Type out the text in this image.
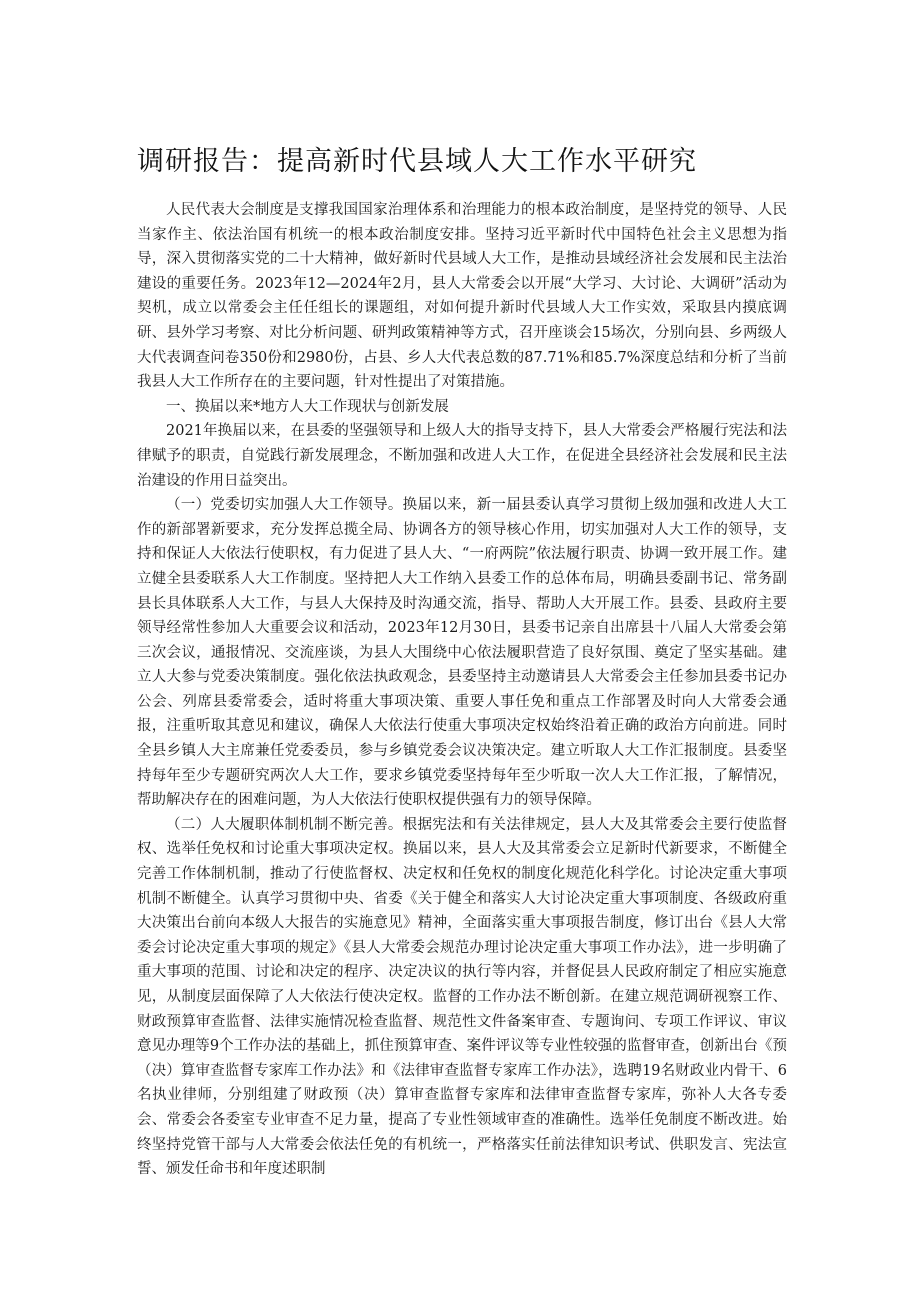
调研报告：提高新时代县域人大工作水平研究

人民代表大会制度是支撑我国国家治理体系和治理能力的根本政治制度，是坚持党的领导、人民当家作主、依法治国有机统一的根本政治制度安排。坚持习近平新时代中国特色社会主义思想为指导，深入贯彻落实党的二十大精神，做好新时代县域人大工作，是推动县域经济社会发展和民主法治建设的重要任务。2023年12—2024年2月，县人大常委会以开展“大学习、大讨论、大调研”活动为契机，成立以常委会主任任组长的课题组，对如何提升新时代县域人大工作实效，采取县内摸底调研、县外学习考察、对比分析问题、研判政策精神等方式，召开座谈会15场次，分别向县、乡两级人大代表调查问卷350份和2980份，占县、乡人大代表总数的87.71%和85.7%深度总结和分析了当前我县人大工作所存在的主要问题，针对性提出了对策措施。

一、换届以来*地方人大工作现状与创新发展

2021年换届以来，在县委的坚强领导和上级人大的指导支持下，县人大常委会严格履行宪法和法律赋予的职责，自觉践行新发展理念，不断加强和改进人大工作，在促进全县经济社会发展和民主法治建设的作用日益突出。

（一）党委切实加强人大工作领导。换届以来，新一届县委认真学习贯彻上级加强和改进人大工作的新部署新要求，充分发挥总揽全局、协调各方的领导核心作用，切实加强对人大工作的领导，支持和保证人大依法行使职权，有力促进了县人大、“一府两院”依法履行职责、协调一致开展工作。建立健全县委联系人大工作制度。坚持把人大工作纳入县委工作的总体布局，明确县委副书记、常务副县长具体联系人大工作，与县人大保持及时沟通交流，指导、帮助人大开展工作。县委、县政府主要领导经常性参加人大重要会议和活动，2023年12月30日，县委书记亲自出席县十八届人大常委会第三次会议，通报情况、交流座谈，为县人大围绕中心依法履职营造了良好氛围、奠定了坚实基础。建立人大参与党委决策制度。强化依法执政观念，县委坚持主动邀请县人大常委会主任参加县委书记办公会、列席县委常委会，适时将重大事项决策、重要人事任免和重点工作部署及时向人大常委会通报，注重听取其意见和建议，确保人大依法行使重大事项决定权始终沿着正确的政治方向前进。同时全县乡镇人大主席兼任党委委员，参与乡镇党委会议决策决定。建立听取人大工作汇报制度。县委坚持每年至少专题研究两次人大工作，要求乡镇党委坚持每年至少听取一次人大工作汇报，了解情况，帮助解决存在的困难问题，为人大依法行使职权提供强有力的领导保障。

（二）人大履职体制机制不断完善。根据宪法和有关法律规定，县人大及其常委会主要行使监督权、选举任免权和讨论重大事项决定权。换届以来，县人大及其常委会立足新时代新要求，不断健全完善工作体制机制，推动了行使监督权、决定权和任免权的制度化规范化科学化。讨论决定重大事项机制不断健全。认真学习贯彻中央、省委《关于健全和落实人大讨论决定重大事项制度、各级政府重大决策出台前向本级人大报告的实施意见》精神，全面落实重大事项报告制度，修订出台《县人大常委会讨论决定重大事项的规定》《县人大常委会规范办理讨论决定重大事项工作办法》，进一步明确了重大事项的范围、讨论和决定的程序、决定决议的执行等内容，并督促县人民政府制定了相应实施意见，从制度层面保障了人大依法行使决定权。监督的工作办法不断创新。在建立规范调研视察工作、财政预算审查监督、法律实施情况检查监督、规范性文件备案审查、专题询问、专项工作评议、审议意见办理等9个工作办法的基础上，抓住预算审查、案件评议等专业性较强的监督审查，创新出台《预（决）算审查监督专家库工作办法》和《法律审查监督专家库工作办法》，选聘19名财政业内骨干、6名执业律师，分别组建了财政预（决）算审查监督专家库和法律审查监督专家库，弥补人大各专委会、常委会各委室专业审查不足力量，提高了专业性领域审查的准确性。选举任免制度不断改进。始终坚持党管干部与人大常委会依法任免的有机统一，严格落实任前法律知识考试、供职发言、宪法宣誓、颁发任命书和年度述职制
